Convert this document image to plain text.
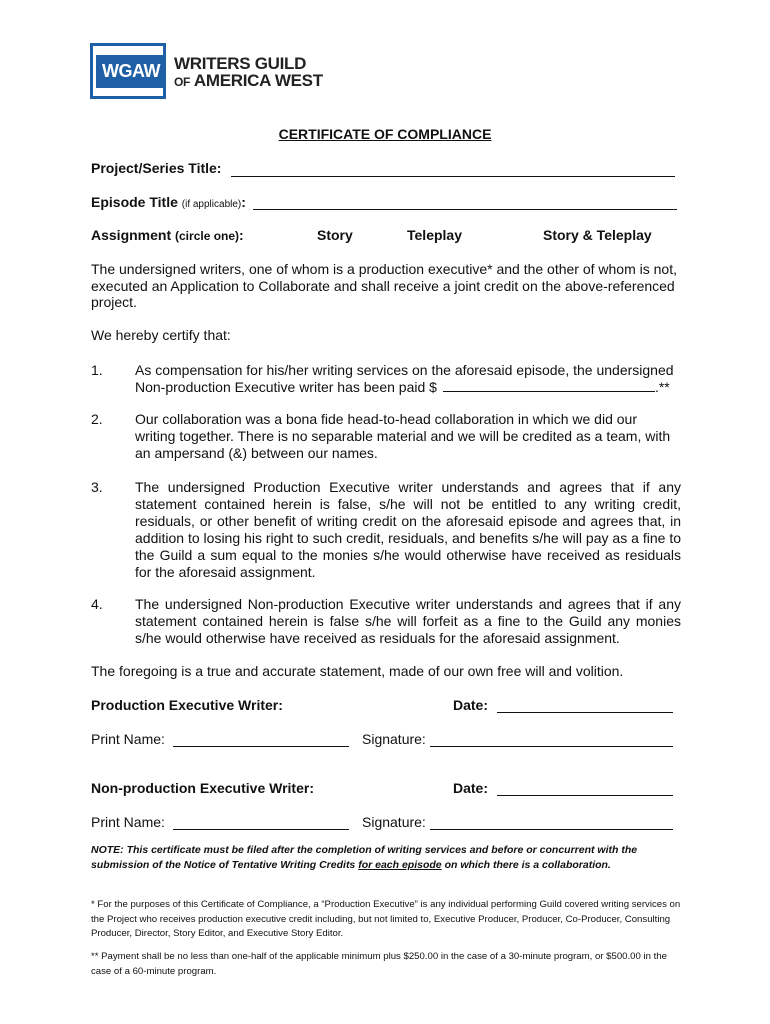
WGAW WRITERS GUILD
OF AMERICA WEST
CERTIFICATE OF COMPLIANCE
Project/Series Title:
Episode Title (if applicable):
Assignment (circle one):	Story	Teleplay	Story & Teleplay
The undersigned writers, one of whom is a production executive* and the other of whom is not, executed an Application to Collaborate and shall receive a joint credit on the above-referenced project.
We hereby certify that:
1. As compensation for his/her writing services on the aforesaid episode, the undersigned Non-production Executive writer has been paid $	.**
2. Our collaboration was a bona fide head-to-head collaboration in which we did our writing together. There is no separable material and we will be credited as a team, with an ampersand (&) between our names.
3. The undersigned Production Executive writer understands and agrees that if any statement contained herein is false, s/he will not be entitled to any writing credit, residuals, or other benefit of writing credit on the aforesaid episode and agrees that, in addition to losing his right to such credit, residuals, and benefits s/he will pay as a fine to the Guild a sum equal to the monies s/he would otherwise have received as residuals for the aforesaid assignment.
4. The undersigned Non-production Executive writer understands and agrees that if any statement contained herein is false s/he will forfeit as a fine to the Guild any monies s/he would otherwise have received as residuals for the aforesaid assignment.
The foregoing is a true and accurate statement, made of our own free will and volition.
Production Executive Writer:	Date:
Print Name:	Signature:
Non-production Executive Writer:	Date:
Print Name:	Signature:
NOTE: This certificate must be filed after the completion of writing services and before or concurrent with the submission of the Notice of Tentative Writing Credits for each episode on which there is a collaboration.
* For the purposes of this Certificate of Compliance, a “Production Executive” is any individual performing Guild covered writing services on the Project who receives production executive credit including, but not limited to, Executive Producer, Producer, Co-Producer, Consulting Producer, Director, Story Editor, and Executive Story Editor.
** Payment shall be no less than one-half of the applicable minimum plus $250.00 in the case of a 30-minute program, or $500.00 in the case of a 60-minute program.
